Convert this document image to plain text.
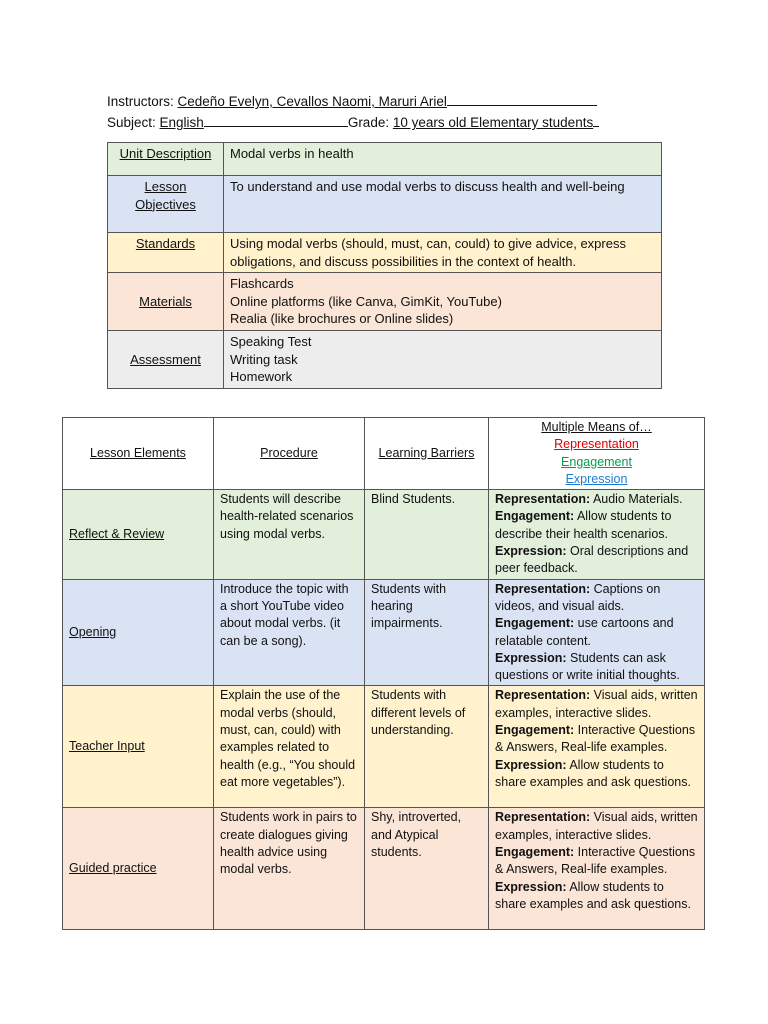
Instructors: Cedeño Evelyn, Cevallos Naomi, Maruri Ariel
Subject: English	Grade: 10 years old Elementary students
Unit Description	Modal verbs in health
Lesson Objectives	To understand and use modal verbs to discuss health and well-being
Standards	Using modal verbs (should, must, can, could) to give advice, express obligations, and discuss possibilities in the context of health.
Materials	Flashcards
Online platforms (like Canva, GimKit, YouTube)
Realia (like brochures or Online slides)

Assessment	Speaking Test
Writing task
Homework
Lesson Elements	Procedure	Learning Barriers	Multiple Means of…
Representation
Engagement
Expression

Reflect & Review	Students will describe health-related scenarios using modal verbs.	Blind Students.	Representation: Audio Materials.
Engagement: Allow students to describe their health scenarios.
Expression: Oral descriptions and peer feedback.
Opening	Introduce the topic with a short YouTube video about modal verbs. (it can be a song).	Students with hearing impairments.	Representation: Captions on videos, and visual aids.
Engagement: use cartoons and relatable content.
Expression: Students can ask questions or write initial thoughts.
Teacher Input	Explain the use of the modal verbs (should, must, can, could) with examples related to health (e.g., “You should eat more vegetables”).	Students with different levels of understanding.	Representation: Visual aids, written examples, interactive slides.
Engagement: Interactive Questions & Answers, Real-life examples.
Expression: Allow students to share examples and ask questions.
Guided practice	Students work in pairs to create dialogues giving health advice using modal verbs.	Shy, introverted, and Atypical students.	Representation: Visual aids, written examples, interactive slides.
Engagement: Interactive Questions & Answers, Real-life examples.
Expression: Allow students to share examples and ask questions.
